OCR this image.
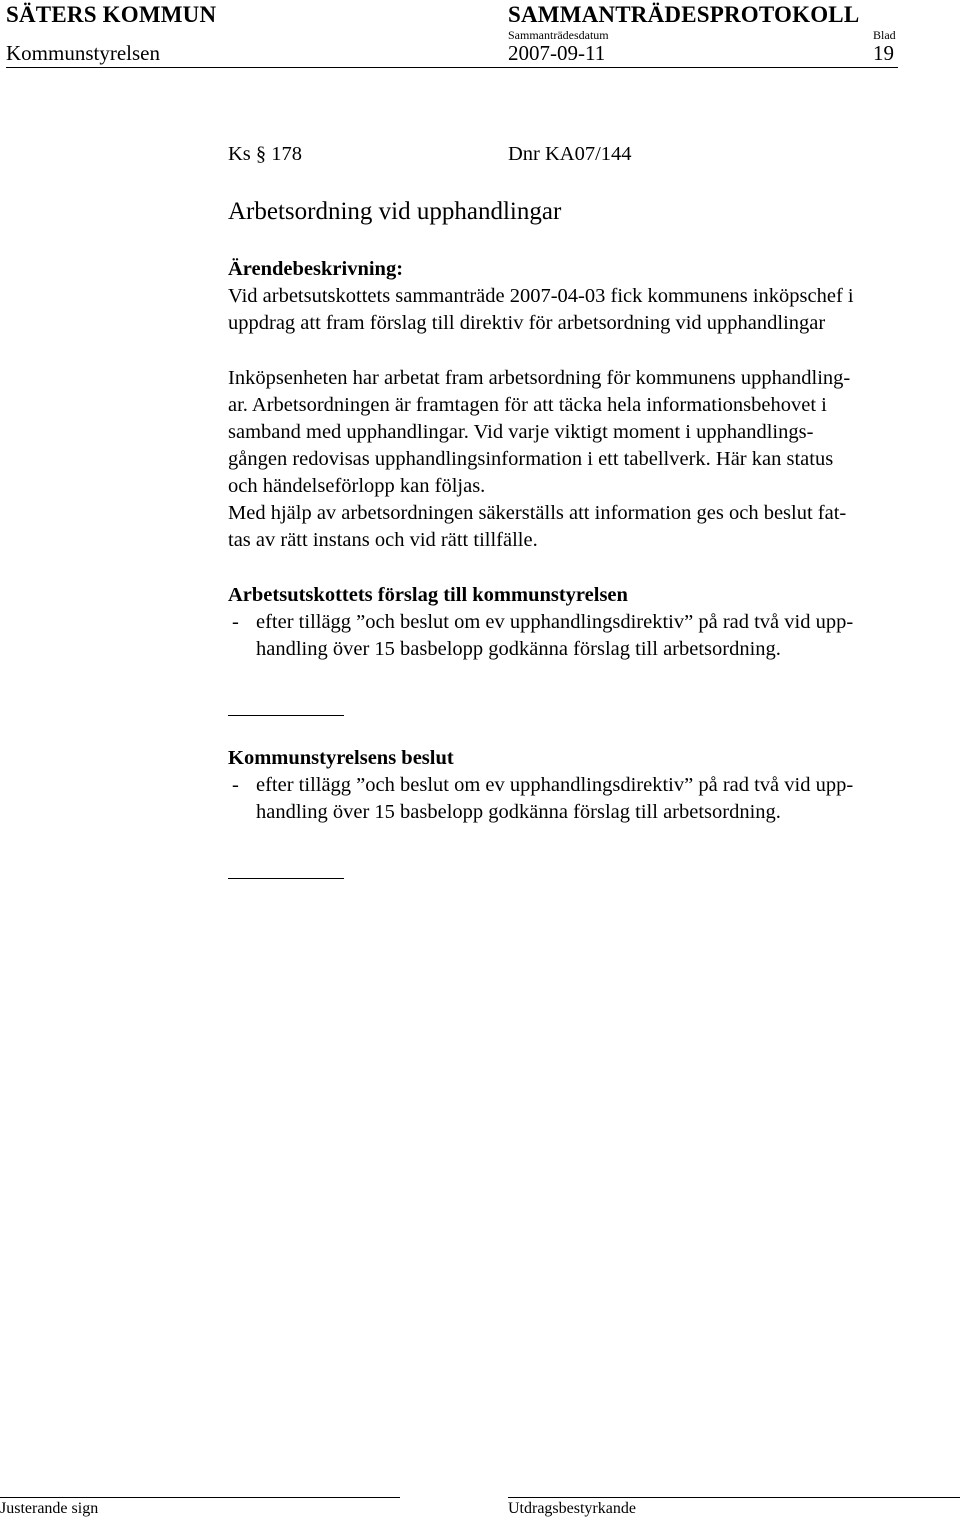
SÄTERS KOMMUN	SAMMANTRÄDESPROTOKOLL
Sammanträdesdatum	Blad
Kommunstyrelsen	2007-09-11	19
Ks § 178	Dnr KA07/144
Arbetsordning vid upphandlingar
Ärendebeskrivning:
Vid arbetsutskottets sammanträde 2007-04-03 fick kommunens inköpschef i
uppdrag att fram förslag till direktiv för arbetsordning vid upphandlingar
Inköpsenheten har arbetat fram arbetsordning för kommunens upphandling-
ar. Arbetsordningen är framtagen för att täcka hela informationsbehovet i
samband med upphandlingar. Vid varje viktigt moment i upphandlings-
gången redovisas upphandlingsinformation i ett tabellverk. Här kan status
och händelseförlopp kan följas.
Med hjälp av arbetsordningen säkerställs att information ges och beslut fat-
tas av rätt instans och vid rätt tillfälle.
Arbetsutskottets förslag till kommunstyrelsen
- efter tillägg ”och beslut om ev upphandlingsdirektiv” på rad två vid upp-
handling över 15 basbelopp godkänna förslag till arbetsordning.
Kommunstyrelsens beslut
- efter tillägg ”och beslut om ev upphandlingsdirektiv” på rad två vid upp-
handling över 15 basbelopp godkänna förslag till arbetsordning.
Justerande sign	Utdragsbestyrkande
